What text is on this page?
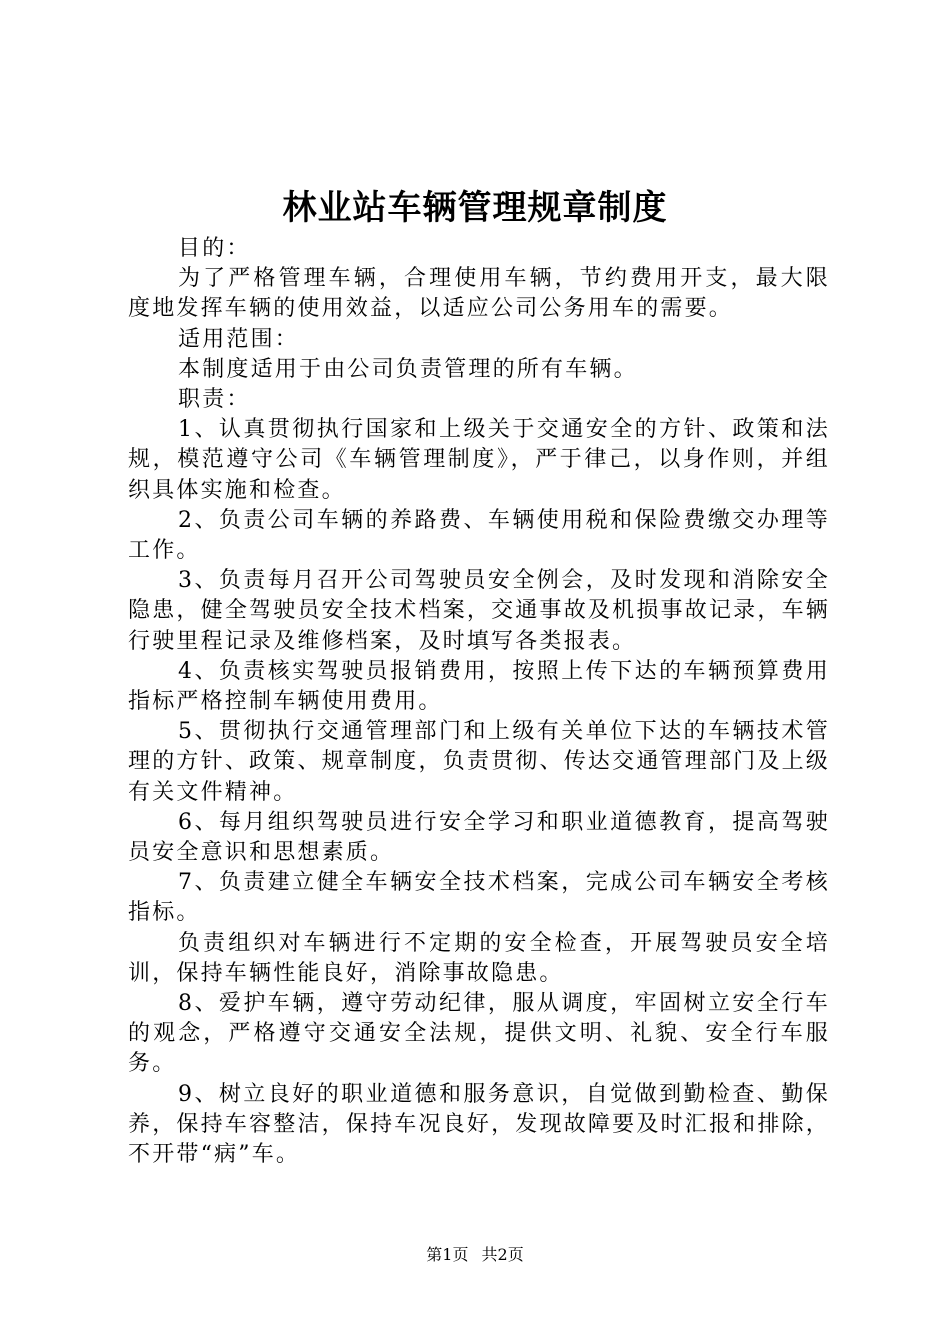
林业站车辆管理规章制度

目的：

为了严格管理车辆，合理使用车辆，节约费用开支，最大限度地发挥车辆的使用效益，以适应公司公务用车的需要。

适用范围：

本制度适用于由公司负责管理的所有车辆。

职责：

1、认真贯彻执行国家和上级关于交通安全的方针、政策和法规，模范遵守公司《车辆管理制度》，严于律己，以身作则，并组织具体实施和检查。

2、负责公司车辆的养路费、车辆使用税和保险费缴交办理等工作。

3、负责每月召开公司驾驶员安全例会，及时发现和消除安全隐患，健全驾驶员安全技术档案，交通事故及机损事故记录，车辆行驶里程记录及维修档案，及时填写各类报表。

4、负责核实驾驶员报销费用，按照上传下达的车辆预算费用指标严格控制车辆使用费用。

5、贯彻执行交通管理部门和上级有关单位下达的车辆技术管理的方针、政策、规章制度，负责贯彻、传达交通管理部门及上级有关文件精神。

6、每月组织驾驶员进行安全学习和职业道德教育，提高驾驶员安全意识和思想素质。

7、负责建立健全车辆安全技术档案，完成公司车辆安全考核指标。

负责组织对车辆进行不定期的安全检查，开展驾驶员安全培训，保持车辆性能良好，消除事故隐患。

8、爱护车辆，遵守劳动纪律，服从调度，牢固树立安全行车的观念，严格遵守交通安全法规，提供文明、礼貌、安全行车服务。

9、树立良好的职业道德和服务意识，自觉做到勤检查、勤保养，保持车容整洁，保持车况良好，发现故障要及时汇报和排除，不开带“病”车。

第1页 共2页
